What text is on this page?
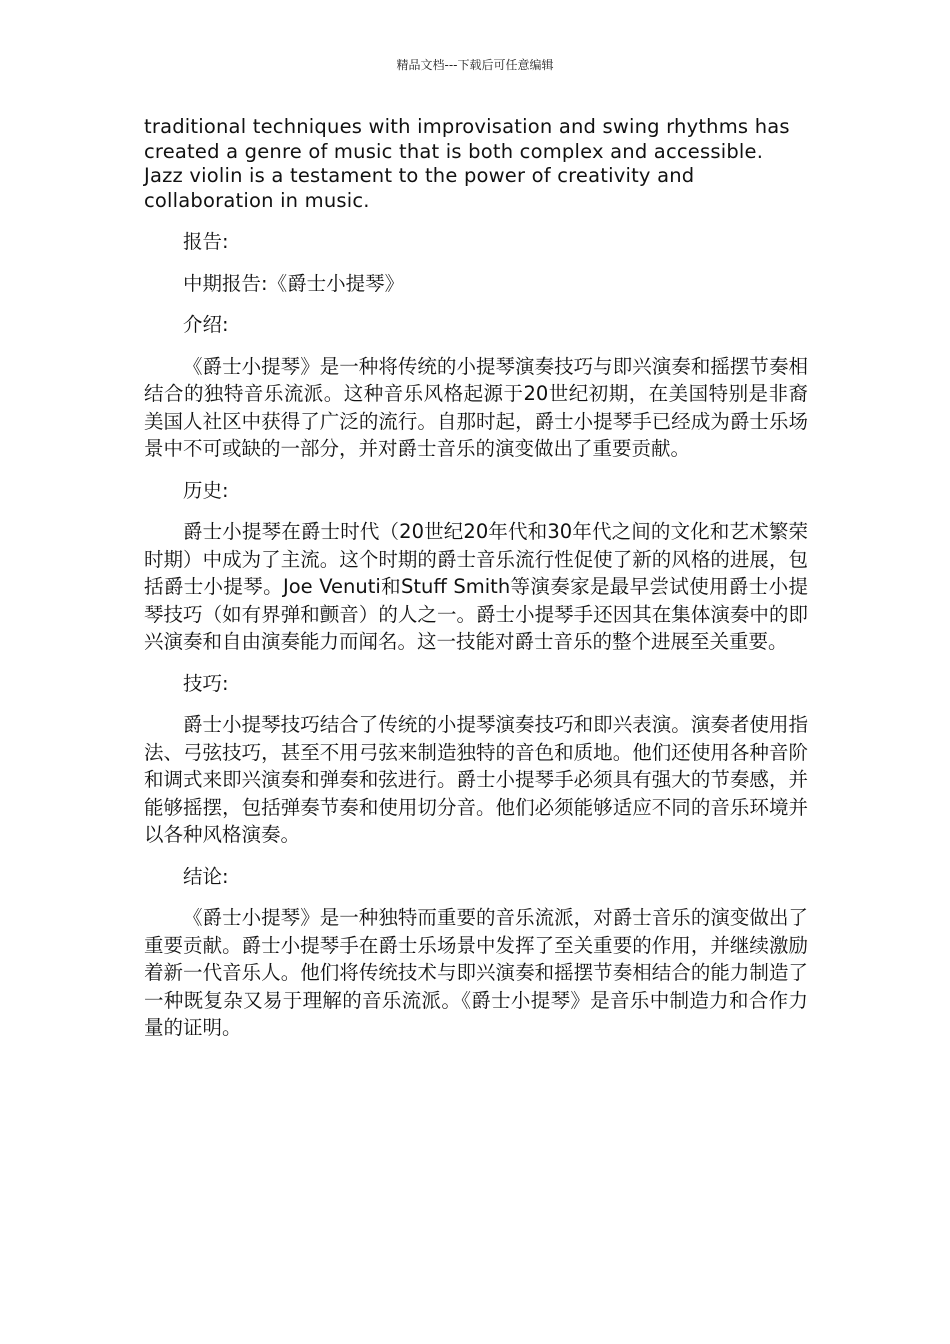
精品文档---下载后可任意编辑

traditional techniques with improvisation and swing rhythms has created a genre of music that is both complex and accessible. Jazz violin is a testament to the power of creativity and collaboration in music.

报告:

中期报告:《爵士小提琴》

介绍:

《爵士小提琴》是一种将传统的小提琴演奏技巧与即兴演奏和摇摆节奏相结合的独特音乐流派。这种音乐风格起源于20世纪初期，在美国特别是非裔美国人社区中获得了广泛的流行。自那时起，爵士小提琴手已经成为爵士乐场景中不可或缺的一部分，并对爵士音乐的演变做出了重要贡献。

历史:

爵士小提琴在爵士时代（20世纪20年代和30年代之间的文化和艺术繁荣时期）中成为了主流。这个时期的爵士音乐流行性促使了新的风格的进展，包括爵士小提琴。Joe Venuti和Stuff Smith等演奏家是最早尝试使用爵士小提琴技巧（如有界弹和颤音）的人之一。爵士小提琴手还因其在集体演奏中的即兴演奏和自由演奏能力而闻名。这一技能对爵士音乐的整个进展至关重要。

技巧:

爵士小提琴技巧结合了传统的小提琴演奏技巧和即兴表演。演奏者使用指法、弓弦技巧，甚至不用弓弦来制造独特的音色和质地。他们还使用各种音阶和调式来即兴演奏和弹奏和弦进行。爵士小提琴手必须具有强大的节奏感，并能够摇摆，包括弹奏节奏和使用切分音。他们必须能够适应不同的音乐环境并以各种风格演奏。

结论:

《爵士小提琴》是一种独特而重要的音乐流派，对爵士音乐的演变做出了重要贡献。爵士小提琴手在爵士乐场景中发挥了至关重要的作用，并继续激励着新一代音乐人。他们将传统技术与即兴演奏和摇摆节奏相结合的能力制造了一种既复杂又易于理解的音乐流派。《爵士小提琴》是音乐中制造力和合作力量的证明。
